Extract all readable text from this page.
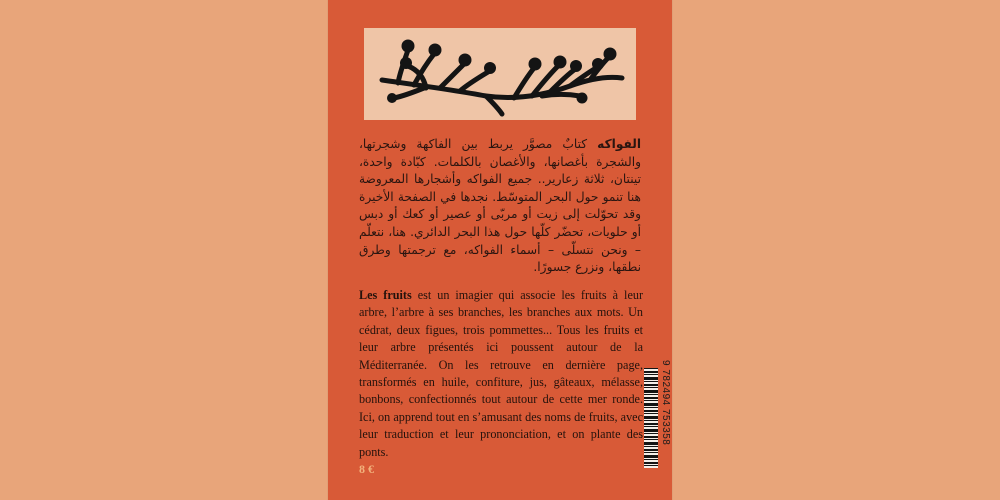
الفواكه كتابٌ مصوَّر يربط بين الفاكهة وشجرتها، والشجرة بأغصانها، والأغصان بالكلمات. كبّادة واحدة، تينتان، ثلاثة زعارير.. جميع الفواكه وأشجارها المعروضة هنا تنمو حول البحر المتوسّط. نجدها في الصفحة الأخيرة وقد تحوّلت إلى زيت أو مربّى أو عصير أو كعك أو دبس أو حلويات، تحضّر كلّها حول هذا البحر الدائري. هنا، نتعلّم – ونحن نتسلّى – أسماء الفواكه، مع ترجمتها وطرق نطقها، ونزرع جسورًا.
Les fruits est un imagier qui associe les fruits à leur arbre, l’arbre à ses branches, les branches aux mots. Un cédrat, deux figues, trois pommettes... Tous les fruits et leur arbre présentés ici poussent autour de la Méditerranée. On les retrouve en dernière page, transformés en huile, confiture, jus, gâteaux, mélasse, bonbons, confectionnés tout autour de cette mer ronde. Ici, on apprend tout en s’amusant des noms de fruits, avec leur traduction et leur prononciation, et on plante des ponts.
8 €
9 782494 753358
